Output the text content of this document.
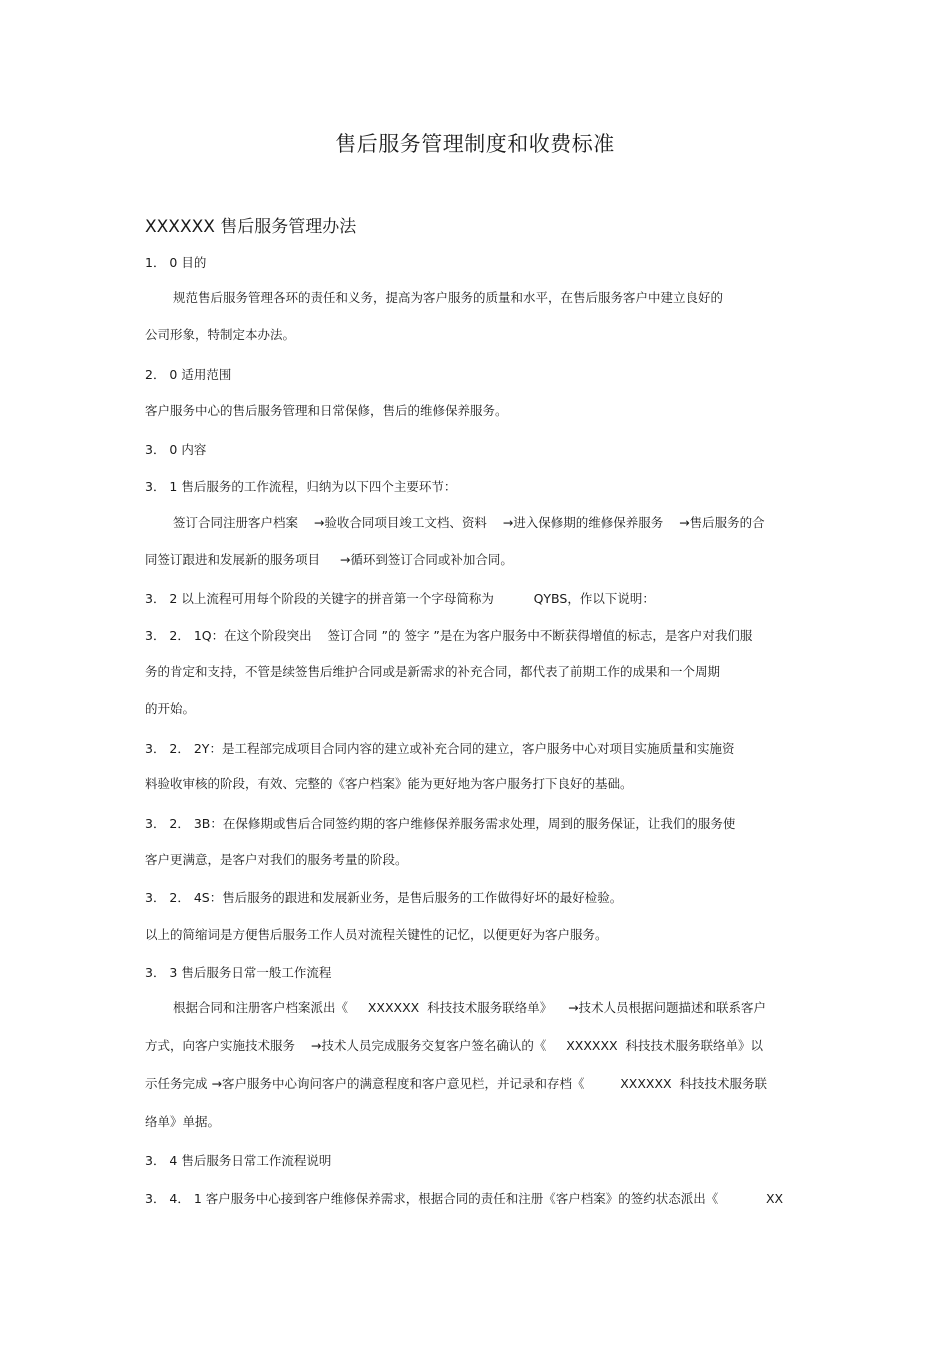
售后服务管理制度和收费标准
XXXXXX 售后服务管理办法
1． 0 目的
规范售后服务管理各环的责任和义务，提高为客户服务的质量和水平，在售后服务客户中建立良好的
公司形象，特制定本办法。
2． 0 适用范围
客户服务中心的售后服务管理和日常保修，售后的维修保养服务。
3． 0 内容
3． 1 售后服务的工作流程，归纳为以下四个主要环节：
签订合同注册客户档案    →验收合同项目竣工文档、资料    →进入保修期的维修保养服务    →售后服务的合
同签订跟进和发展新的服务项目     →循环到签订合同或补加合同。
3． 2 以上流程可用每个阶段的关键字的拼音第一个字母简称为          QYBS，作以下说明：
3． 2． 1Q：在这个阶段突出    签订合同 ”的 签字 ”是在为客户服务中不断获得增值的标志，是客户对我们服
务的肯定和支持，不管是续签售后维护合同或是新需求的补充合同，都代表了前期工作的成果和一个周期
的开始。
3． 2． 2Y：是工程部完成项目合同内容的建立或补充合同的建立，客户服务中心对项目实施质量和实施资
料验收审核的阶段，有效、完整的《客户档案》能为更好地为客户服务打下良好的基础。
3． 2． 3B：在保修期或售后合同签约期的客户维修保养服务需求处理，周到的服务保证，让我们的服务使
客户更满意，是客户对我们的服务考量的阶段。
3． 2． 4S：售后服务的跟进和发展新业务，是售后服务的工作做得好坏的最好检验。
以上的简缩词是方便售后服务工作人员对流程关键性的记忆，以便更好为客户服务。
3． 3 售后服务日常一般工作流程
根据合同和注册客户档案派出《     XXXXXX  科技技术服务联络单》    →技术人员根据问题描述和联系客户
方式，向客户实施技术服务    →技术人员完成服务交复客户签名确认的《     XXXXXX  科技技术服务联络单》以
示任务完成 →客户服务中心询问客户的满意程度和客户意见栏，并记录和存档《         XXXXXX  科技技术服务联
络单》单据。
3． 4 售后服务日常工作流程说明
3． 4． 1 客户服务中心接到客户维修保养需求，根据合同的责任和注册《客户档案》的签约状态派出《            XX
